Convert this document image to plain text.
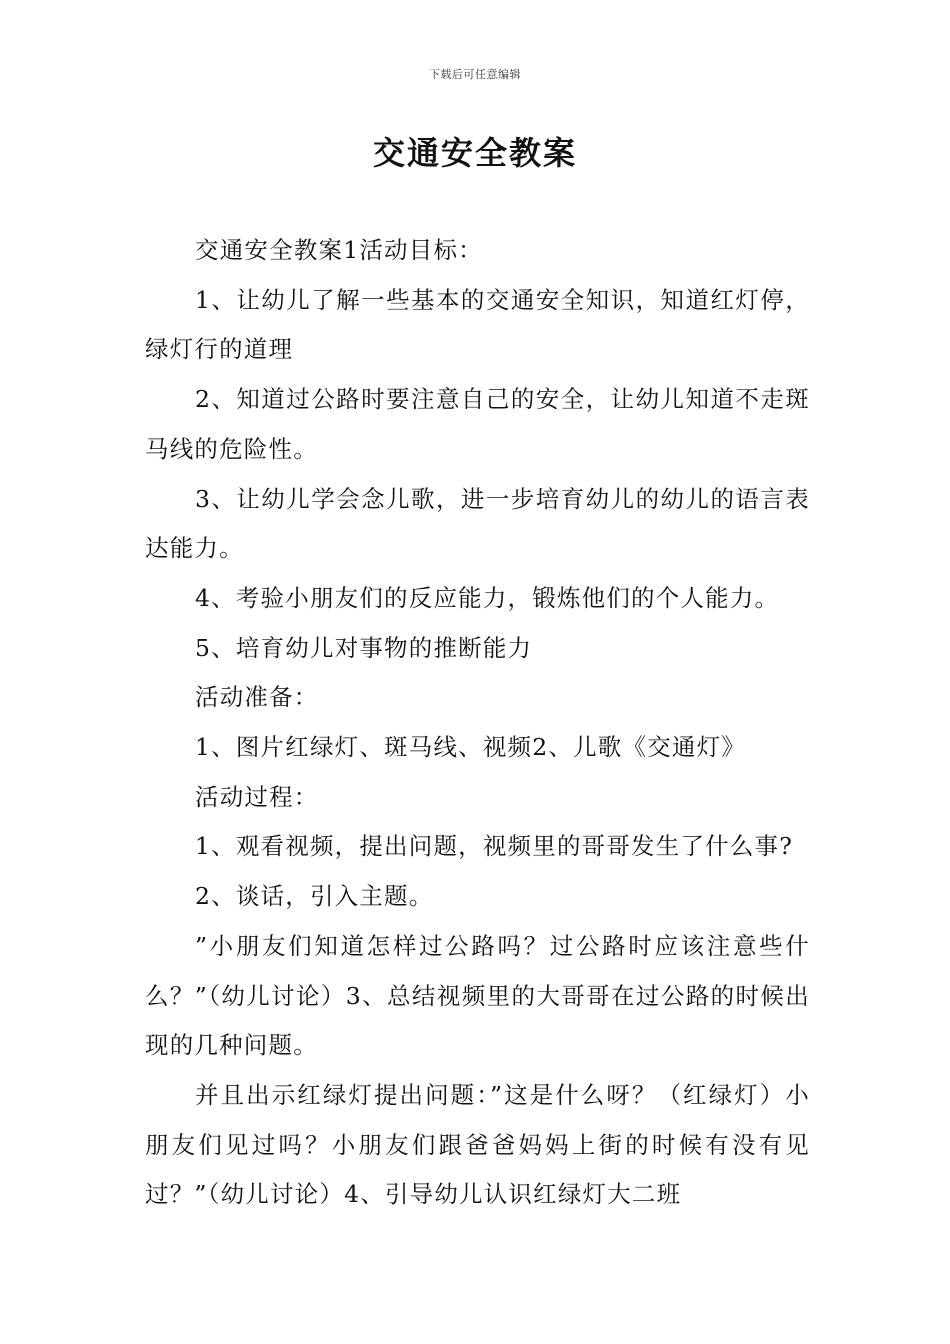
下载后可任意编辑
交通安全教案

交通安全教案1活动目标：

1、让幼儿了解一些基本的交通安全知识，知道红灯停，绿灯行的道理

2、知道过公路时要注意自己的安全，让幼儿知道不走斑马线的危险性。

3、让幼儿学会念儿歌，进一步培育幼儿的幼儿的语言表达能力。

4、考验小朋友们的反应能力，锻炼他们的个人能力。

5、培育幼儿对事物的推断能力

活动准备：

1、图片红绿灯、斑马线、视频2、儿歌《交通灯》

活动过程：

1、观看视频，提出问题，视频里的哥哥发生了什么事?

2、谈话，引入主题。

”小朋友们知道怎样过公路吗？过公路时应该注意些什么？”（幼儿讨论）3、总结视频里的大哥哥在过公路的时候出现的几种问题。

并且出示红绿灯提出问题：”这是什么呀？（红绿灯）小朋友们见过吗？小朋友们跟爸爸妈妈上街的时候有没有见过？”（幼儿讨论）4、引导幼儿认识红绿灯大二班
